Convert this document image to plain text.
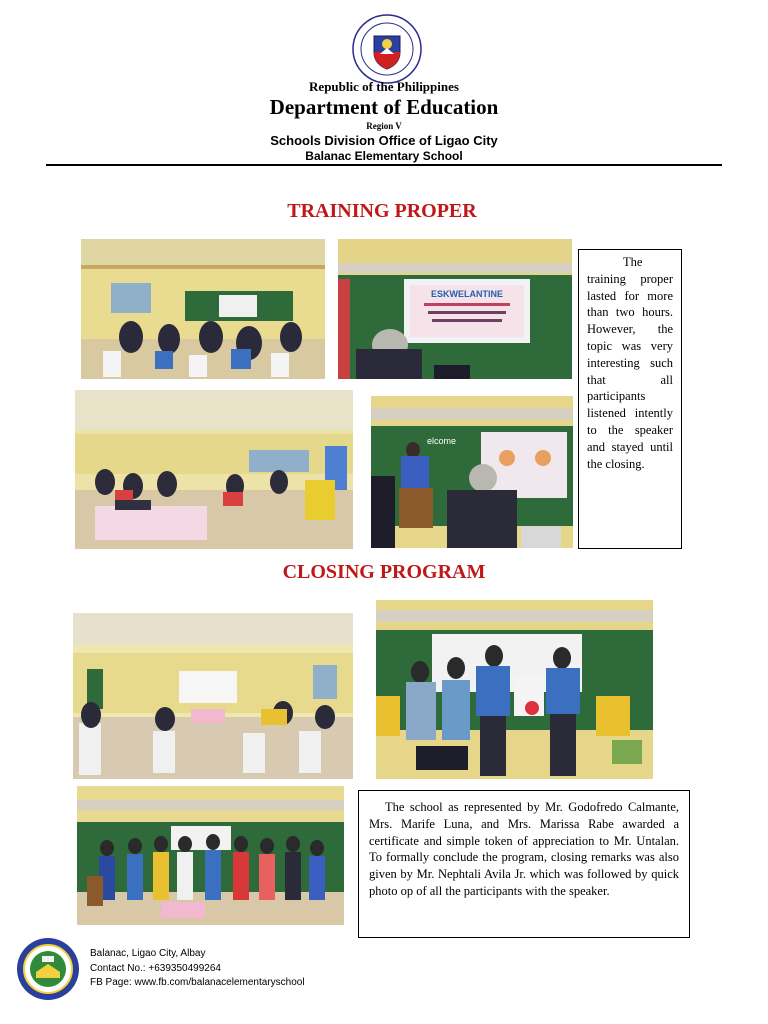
Republic of the Philippines
Department of Education
Region V
Schools Division Office of Ligao City
Balanac Elementary School
TRAINING PROPER
ESKWELANTINE
elcome

The training proper lasted for more than two hours. However, the topic was very interesting such that all participants listened intently to the speaker and stayed until the closing.

CLOSING PROGRAM

The school as represented by Mr. Godofredo Calmante, Mrs. Marife Luna, and Mrs. Marissa Rabe awarded a certificate and simple token of appreciation to Mr. Untalan. To formally conclude the program, closing remarks was also given by Mr. Nephtali Avila Jr. which was followed by quick photo op of all the participants with the speaker.

Balanac, Ligao City, Albay
Contact No.: +639350499264
FB Page: www.fb.com/balanacelementaryschool
